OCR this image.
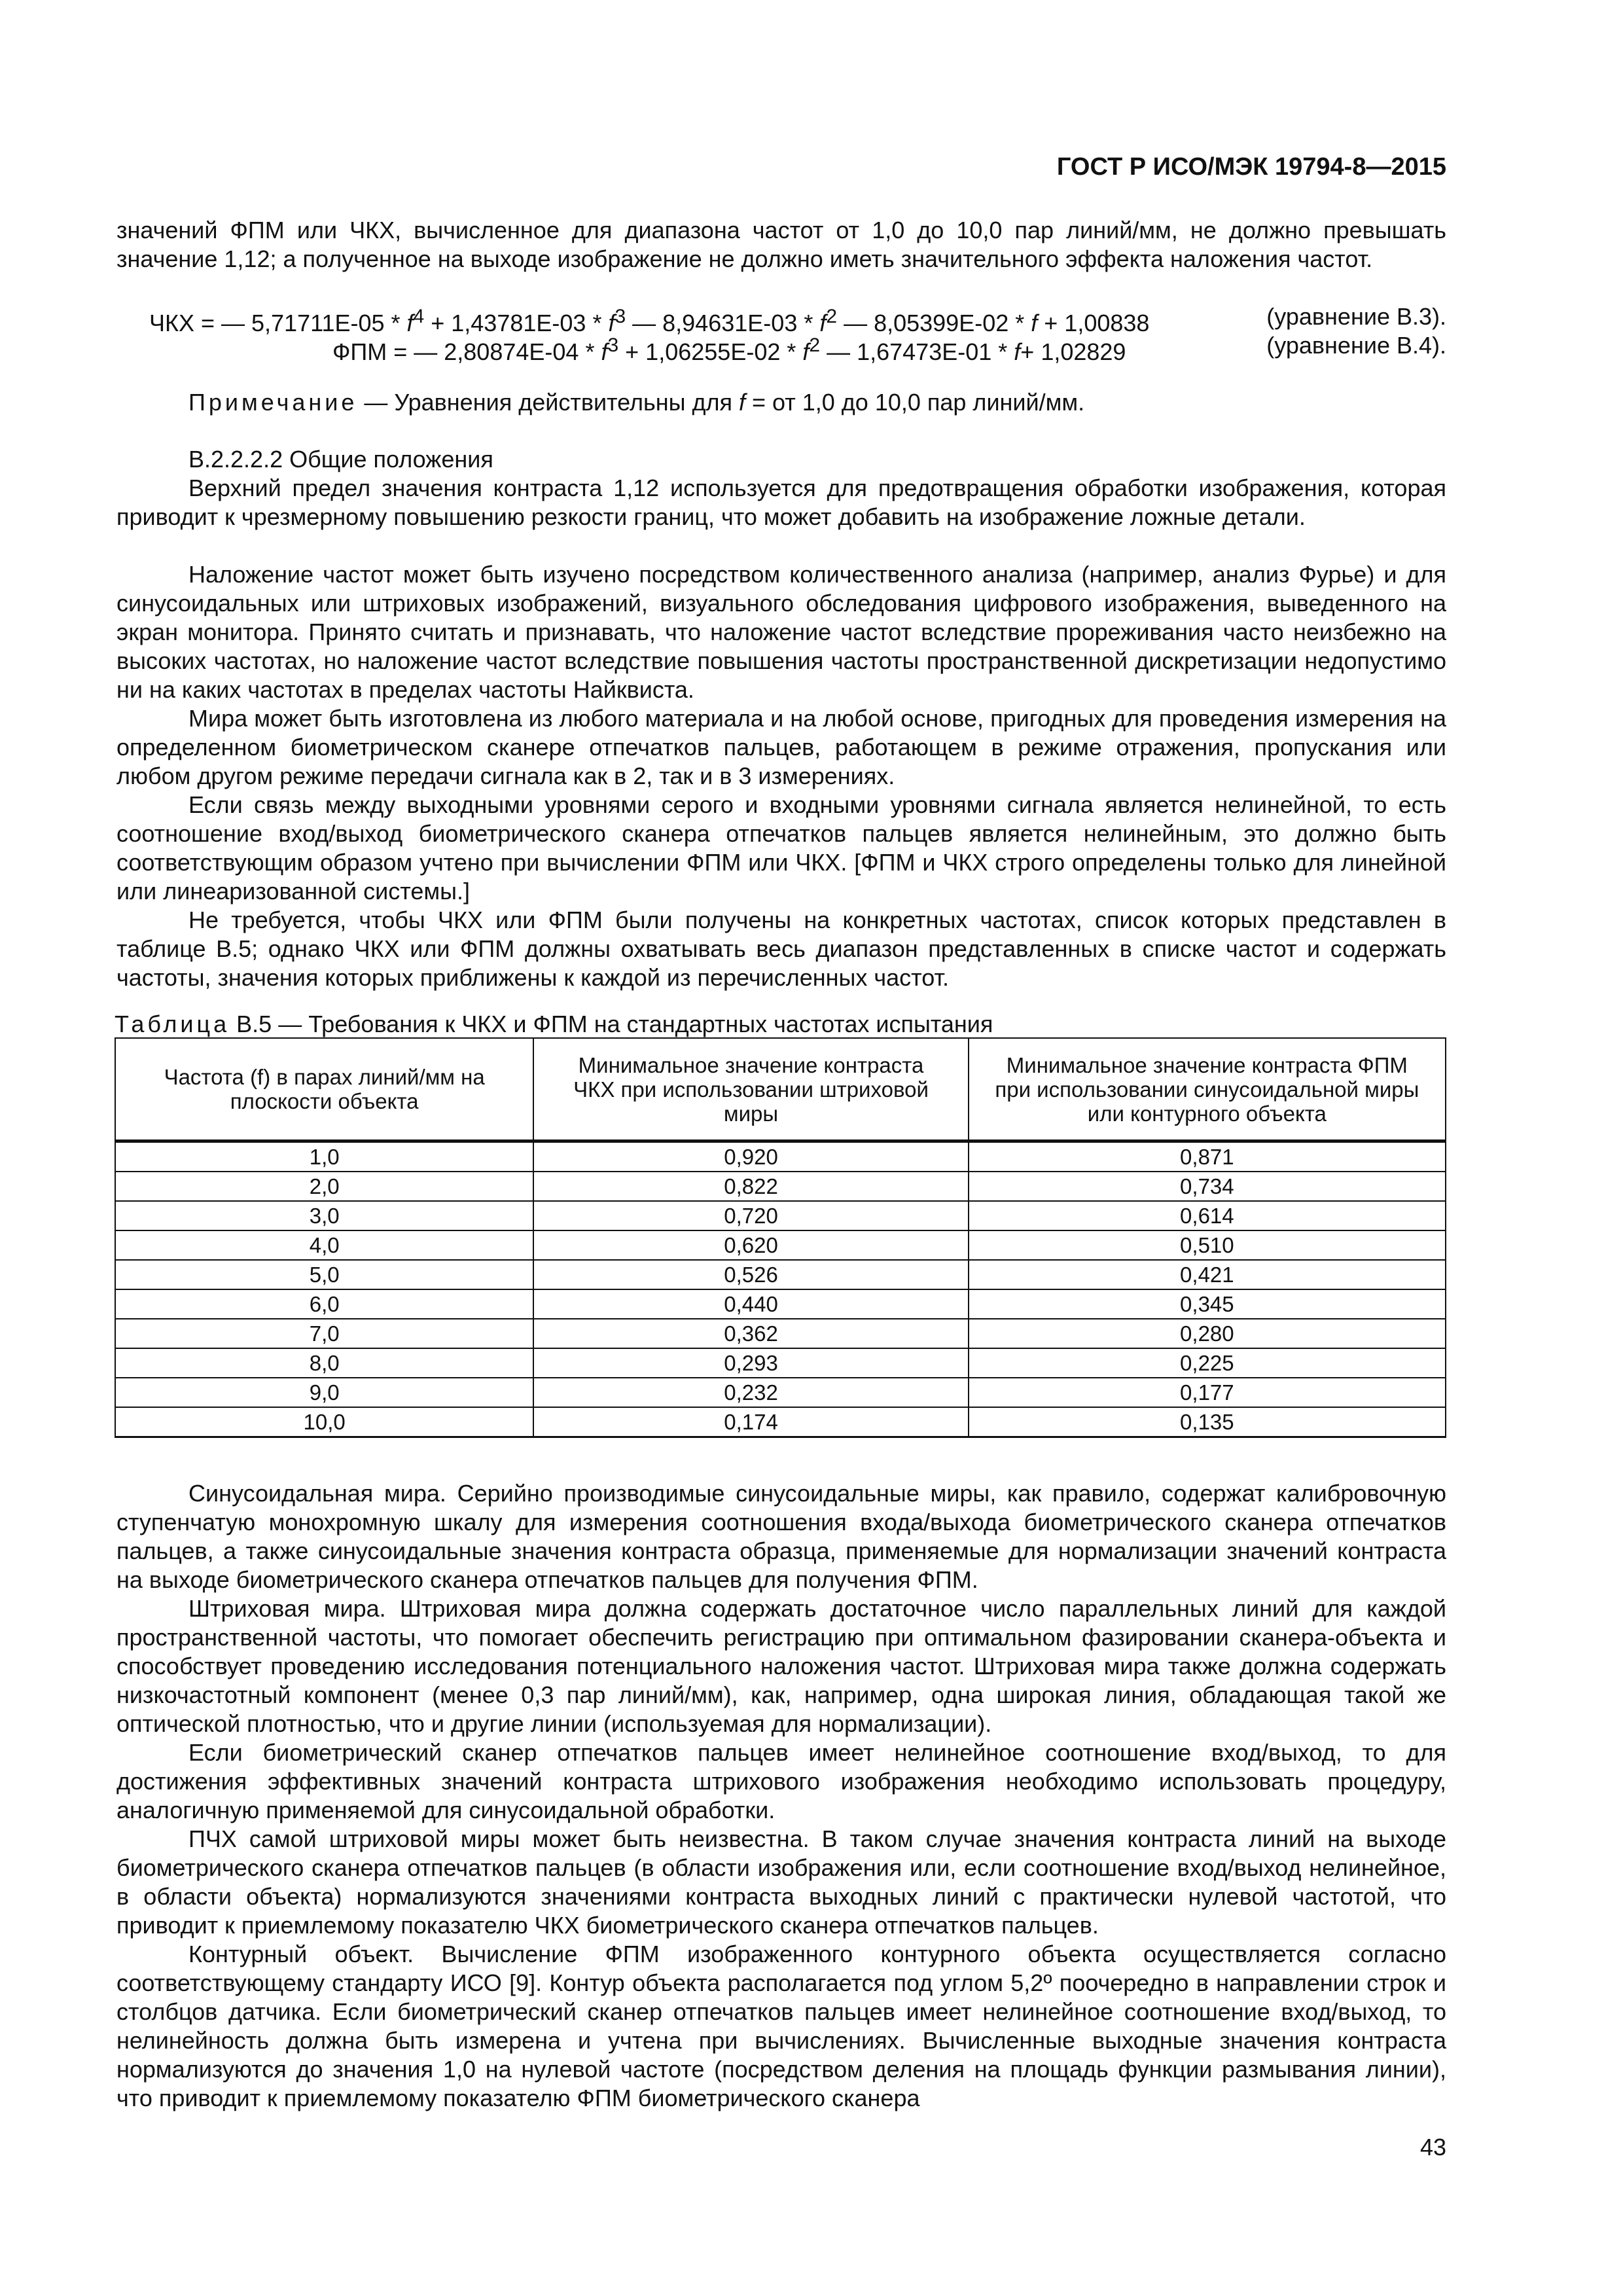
ГОСТ Р ИСО/МЭК 19794-8—2015
значений ФПМ или ЧКХ, вычисленное для диапазона частот от 1,0 до 10,0 пар линий/мм, не должно превышать значение 1,12; а полученное на выходе изображение не должно иметь значительного эффекта наложения частот.
ЧКХ = — $5,71711E-05 * f^4 + 1,43781E-03 * f^3$ — $8,94631E-03 * f^2$ — 8,05399E-02 * f + 1,00838	(уравнение В.3).
ФПМ = — $2,80874E-04 * f^3 + 1,06255E-02 * f^2$ — 1,67473E-01 * f+ 1,02829	(уравнение В.4).
Примечание — Уравнения действительны для f = от 1,0 до 10,0 пар линий/мм.
В.2.2.2.2 Общие положения
Верхний предел значения контраста 1,12 используется для предотвращения обработки изображения, которая приводит к чрезмерному повышению резкости границ, что может добавить на изображение ложные детали.
Наложение частот может быть изучено посредством количественного анализа (например, анализ Фурье) и для синусоидальных или штриховых изображений, визуального обследования цифрового изображения, выведенного на экран монитора. Принято считать и признавать, что наложение частот вследствие прореживания часто неизбежно на высоких частотах, но наложение частот вследствие повышения частоты пространственной дискретизации недопустимо ни на каких частотах в пределах частоты Найквиста.
Мира может быть изготовлена из любого материала и на любой основе, пригодных для проведения измерения на определенном биометрическом сканере отпечатков пальцев, работающем в режиме отражения, пропускания или любом другом режиме передачи сигнала как в 2, так и в 3 измерениях.
Если связь между выходными уровнями серого и входными уровнями сигнала является нелинейной, то есть соотношение вход/выход биометрического сканера отпечатков пальцев является нелинейным, это должно быть соответствующим образом учтено при вычислении ФПМ или ЧКХ. [ФПМ и ЧКХ строго определены только для линейной или линеаризованной системы.]
Не требуется, чтобы ЧКХ или ФПМ были получены на конкретных частотах, список которых представлен в таблице В.5; однако ЧКХ или ФПМ должны охватывать весь диапазон представленных в списке частот и содержать частоты, значения которых приближены к каждой из перечисленных частот.
Таблица В.5 — Требования к ЧКХ и ФПМ на стандартных частотах испытания
Частота (f) в парах линий/мм на плоскости объекта	Минимальное значение контраста ЧКХ при использовании штриховой миры	Минимальное значение контраста ФПМ при использовании синусоидальной миры или контурного объекта
1,0	0,920	0,871
2,0	0,822	0,734
3,0	0,720	0,614
4,0	0,620	0,510
5,0	0,526	0,421
6,0	0,440	0,345
7,0	0,362	0,280
8,0	0,293	0,225
9,0	0,232	0,177
10,0	0,174	0,135
Синусоидальная мира. Серийно производимые синусоидальные миры, как правило, содержат калибровочную ступенчатую монохромную шкалу для измерения соотношения входа/выхода биометрического сканера отпечатков пальцев, а также синусоидальные значения контраста образца, применяемые для нормализации значений контраста на выходе биометрического сканера отпечатков пальцев для получения ФПМ.
Штриховая мира. Штриховая мира должна содержать достаточное число параллельных линий для каждой пространственной частоты, что помогает обеспечить регистрацию при оптимальном фазировании сканера-объекта и способствует проведению исследования потенциального наложения частот. Штриховая мира также должна содержать низкочастотный компонент (менее 0,3 пар линий/мм), как, например, одна широкая линия, обладающая такой же оптической плотностью, что и другие линии (используемая для нормализации).
Если биометрический сканер отпечатков пальцев имеет нелинейное соотношение вход/выход, то для достижения эффективных значений контраста штрихового изображения необходимо использовать процедуру, аналогичную применяемой для синусоидальной обработки.
ПЧХ самой штриховой миры может быть неизвестна. В таком случае значения контраста линий на выходе биометрического сканера отпечатков пальцев (в области изображения или, если соотношение вход/выход нелинейное, в области объекта) нормализуются значениями контраста выходных линий с практически нулевой частотой, что приводит к приемлемому показателю ЧКХ биометрического сканера отпечатков пальцев.
Контурный объект. Вычисление ФПМ изображенного контурного объекта осуществляется согласно соответствующему стандарту ИСО [9]. Контур объекта располагается под углом 5,2º поочередно в направлении строк и столбцов датчика. Если биометрический сканер отпечатков пальцев имеет нелинейное соотношение вход/выход, то нелинейность должна быть измерена и учтена при вычислениях. Вычисленные выходные значения контраста нормализуются до значения 1,0 на нулевой частоте (посредством деления на площадь функции размывания линии), что приводит к приемлемому показателю ФПМ биометрического сканера
43
